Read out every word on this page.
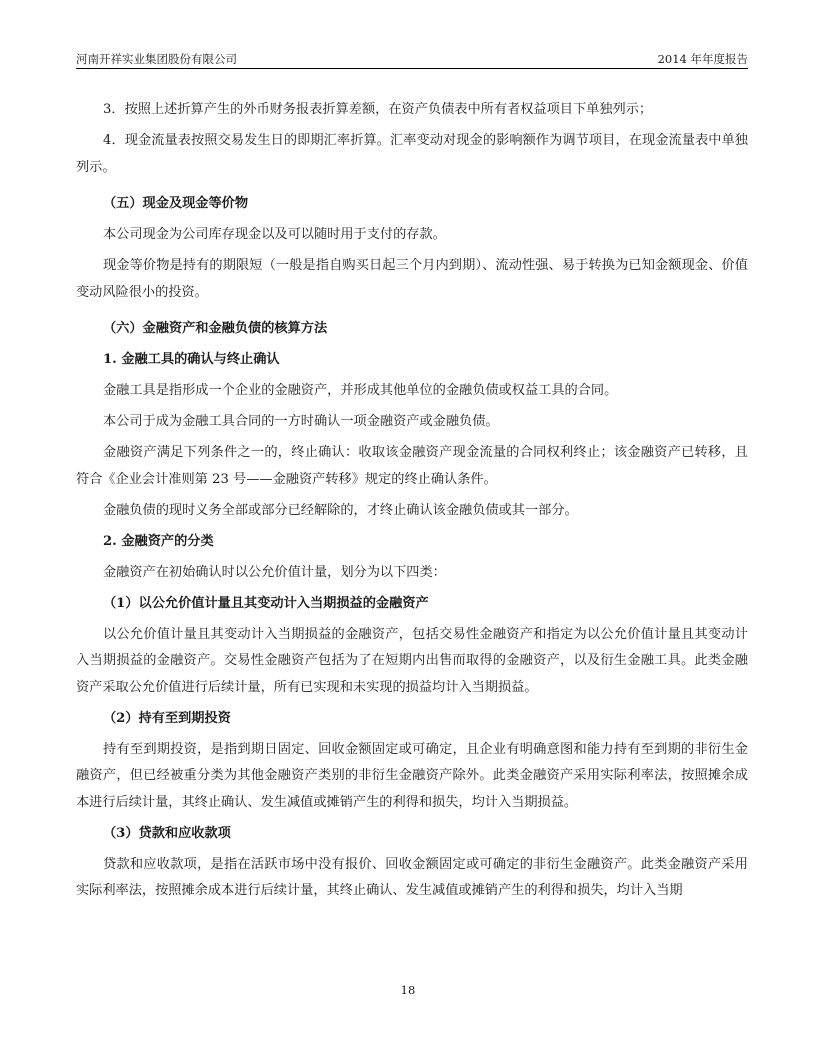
河南开祥实业集团股份有限公司	2014 年年度报告

3．按照上述折算产生的外币财务报表折算差额，在资产负债表中所有者权益项目下单独列示；

4．现金流量表按照交易发生日的即期汇率折算。汇率变动对现金的影响额作为调节项目，在现金流量表中单独列示。

（五）现金及现金等价物

本公司现金为公司库存现金以及可以随时用于支付的存款。

现金等价物是持有的期限短（一般是指自购买日起三个月内到期）、流动性强、易于转换为已知金额现金、价值变动风险很小的投资。

（六）金融资产和金融负债的核算方法

1. 金融工具的确认与终止确认

金融工具是指形成一个企业的金融资产，并形成其他单位的金融负债或权益工具的合同。

本公司于成为金融工具合同的一方时确认一项金融资产或金融负债。

金融资产满足下列条件之一的，终止确认：收取该金融资产现金流量的合同权利终止；该金融资产已转移，且符合《企业会计准则第 23 号——金融资产转移》规定的终止确认条件。

金融负债的现时义务全部或部分已经解除的，才终止确认该金融负债或其一部分。

2. 金融资产的分类

金融资产在初始确认时以公允价值计量，划分为以下四类：

（1）以公允价值计量且其变动计入当期损益的金融资产

以公允价值计量且其变动计入当期损益的金融资产，包括交易性金融资产和指定为以公允价值计量且其变动计入当期损益的金融资产。交易性金融资产包括为了在短期内出售而取得的金融资产，以及衍生金融工具。此类金融资产采取公允价值进行后续计量，所有已实现和未实现的损益均计入当期损益。

（2）持有至到期投资

持有至到期投资，是指到期日固定、回收金额固定或可确定，且企业有明确意图和能力持有至到期的非衍生金融资产，但已经被重分类为其他金融资产类别的非衍生金融资产除外。此类金融资产采用实际利率法，按照摊余成本进行后续计量，其终止确认、发生减值或摊销产生的利得和损失，均计入当期损益。

（3）贷款和应收款项

贷款和应收款项，是指在活跃市场中没有报价、回收金额固定或可确定的非衍生金融资产。此类金融资产采用实际利率法，按照摊余成本进行后续计量，其终止确认、发生减值或摊销产生的利得和损失，均计入当期

18
